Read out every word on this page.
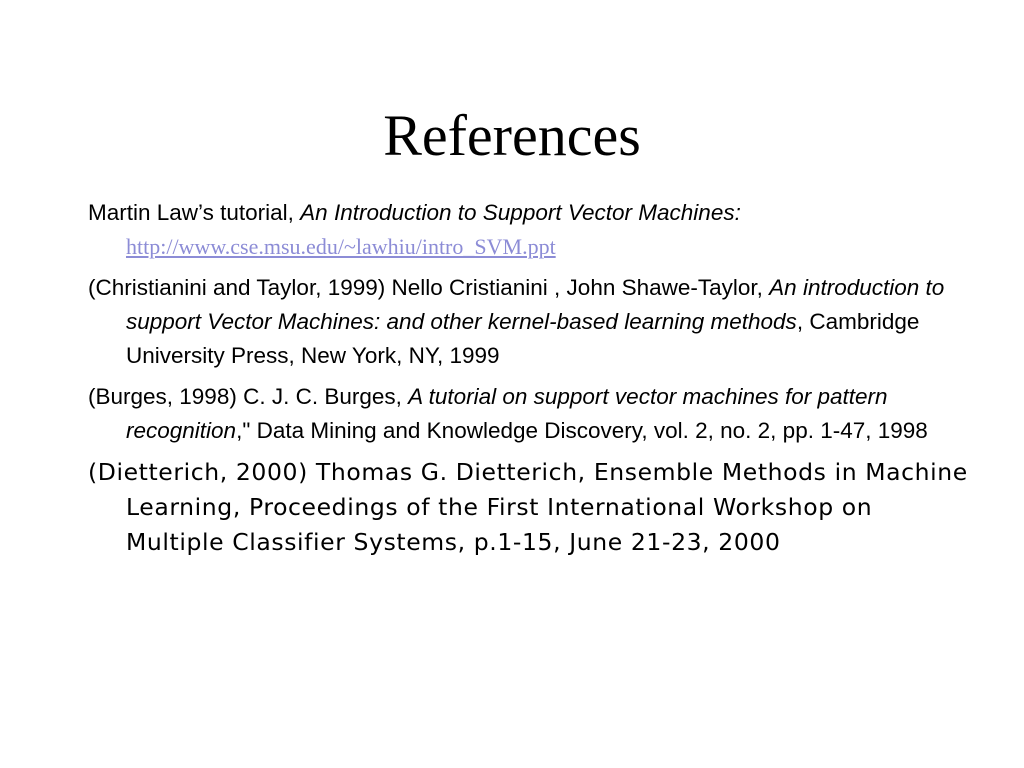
References
Martin Law’s tutorial, An Introduction to Support Vector Machines:
http://www.cse.msu.edu/~lawhiu/intro_SVM.ppt
(Christianini and Taylor, 1999) Nello Cristianini , John Shawe-Taylor, An introduction to support Vector Machines: and other kernel-based learning methods, Cambridge University Press, New York, NY, 1999
(Burges, 1998) C. J. C. Burges, A tutorial on support vector machines for pattern recognition," Data Mining and Knowledge Discovery, vol. 2, no. 2, pp. 1-47, 1998
(Dietterich, 2000) Thomas G. Dietterich, Ensemble Methods in Machine Learning, Proceedings of the First International Workshop on Multiple Classifier Systems, p.1-15, June 21-23, 2000
